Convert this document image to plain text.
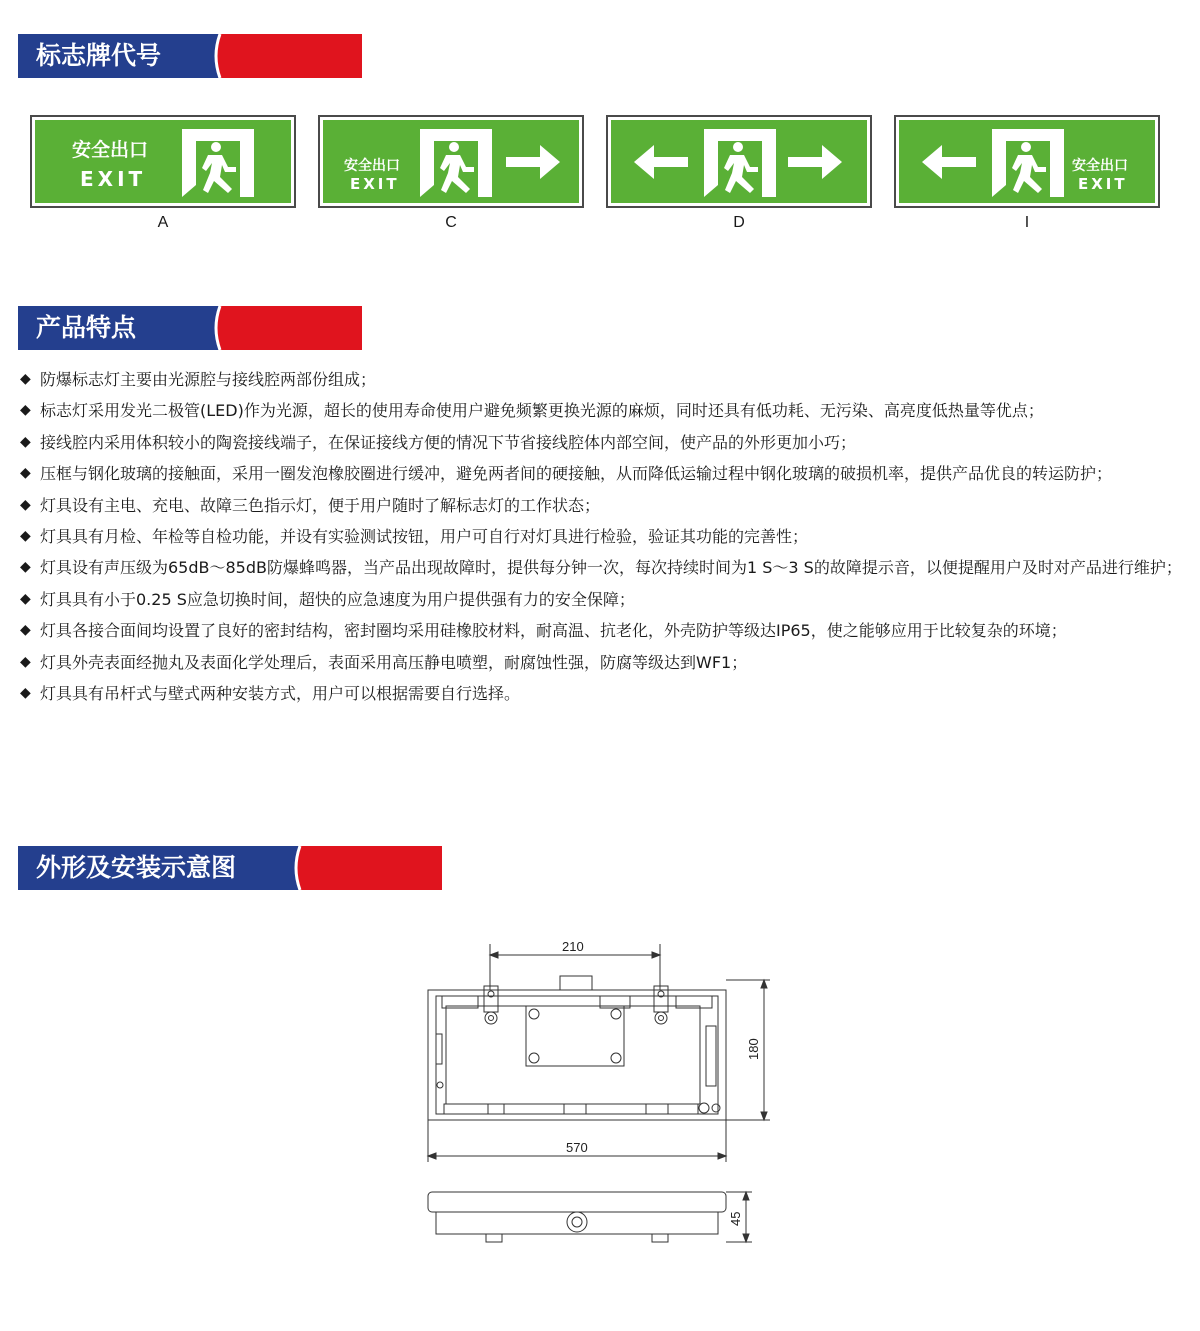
标志牌代号
安全出口
EXIT
A
安全出口
EXIT
C	D
安全出口
EXIT
I
产品特点
◆ 防爆标志灯主要由光源腔与接线腔两部份组成；
◆ 标志灯采用发光二极管(LED)作为光源，超长的使用寿命使用户避免频繁更换光源的麻烦，同时还具有低功耗、无污染、高亮度低热量等优点；
◆ 接线腔内采用体积较小的陶瓷接线端子，在保证接线方便的情况下节省接线腔体内部空间，使产品的外形更加小巧；
◆ 压框与钢化玻璃的接触面，采用一圈发泡橡胶圈进行缓冲，避免两者间的硬接触，从而降低运输过程中钢化玻璃的破损机率，提供产品优良的转运防护；
◆ 灯具设有主电、充电、故障三色指示灯，便于用户随时了解标志灯的工作状态；
◆ 灯具具有月检、年检等自检功能，并设有实验测试按钮，用户可自行对灯具进行检验，验证其功能的完善性；
◆ 灯具设有声压级为65dB～85dB防爆蜂鸣器，当产品出现故障时，提供每分钟一次，每次持续时间为1 S～3 S的故障提示音，以便提醒用户及时对产品进行维护；
◆ 灯具具有小于0.25 S应急切换时间，超快的应急速度为用户提供强有力的安全保障；
◆ 灯具各接合面间均设置了良好的密封结构，密封圈均采用硅橡胶材料，耐高温、抗老化，外壳防护等级达IP65，使之能够应用于比较复杂的环境；
◆ 灯具外壳表面经抛丸及表面化学处理后，表面采用高压静电喷塑，耐腐蚀性强，防腐等级达到WF1；
◆ 灯具具有吊杆式与壁式两种安装方式，用户可以根据需要自行选择。
外形及安装示意图
210
570
180
45
